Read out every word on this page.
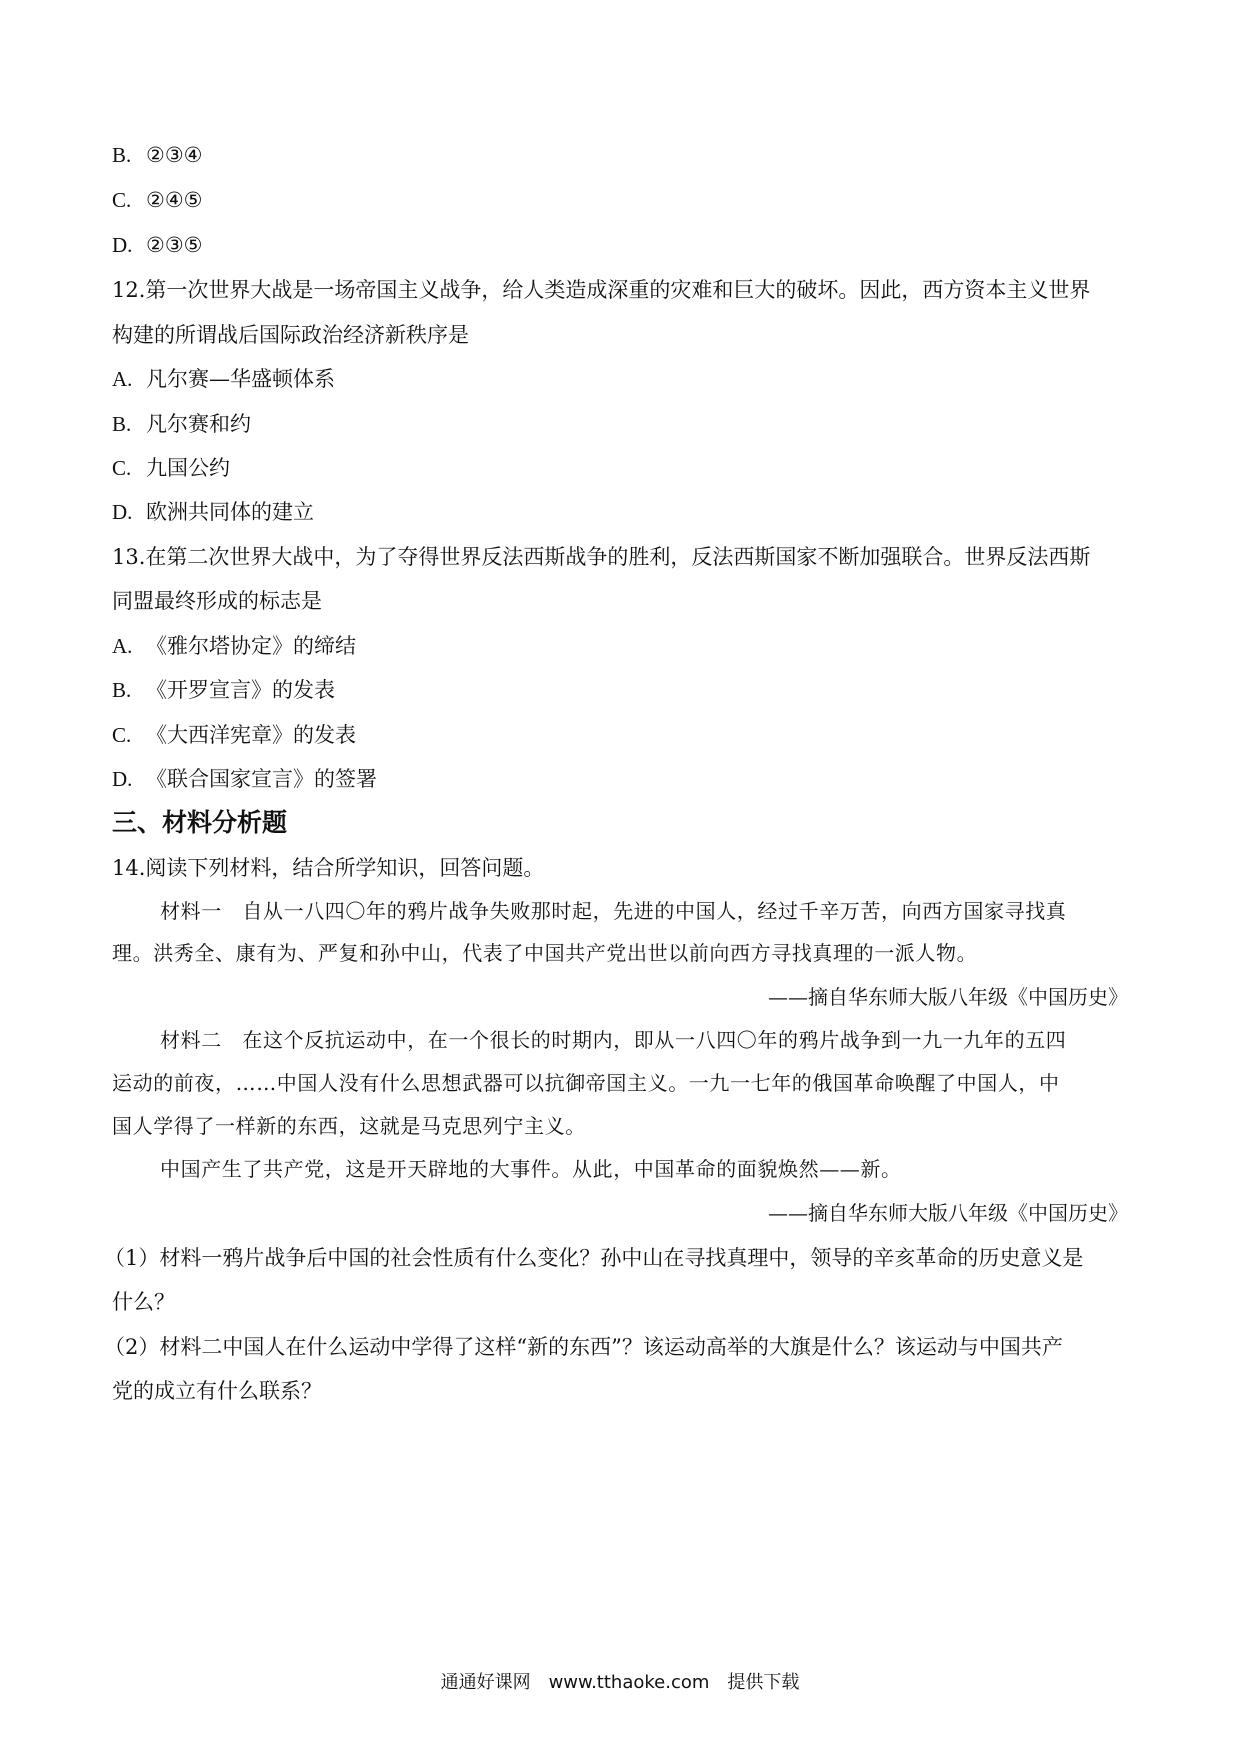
B. ②③④
C. ②④⑤
D. ②③⑤
12.第一次世界大战是一场帝国主义战争，给人类造成深重的灾难和巨大的破坏。因此，西方资本主义世界
构建的所谓战后国际政治经济新秩序是
A. 凡尔赛—华盛顿体系
B. 凡尔赛和约
C. 九国公约
D. 欧洲共同体的建立
13.在第二次世界大战中，为了夺得世界反法西斯战争的胜利，反法西斯国家不断加强联合。世界反法西斯
同盟最终形成的标志是
A. 《雅尔塔协定》的缔结
B. 《开罗宣言》的发表
C. 《大西洋宪章》的发表
D. 《联合国家宣言》的签署
三、材料分析题
14.阅读下列材料，结合所学知识，回答问题。
材料一　自从一八四〇年的鸦片战争失败那时起，先进的中国人，经过千辛万苦，向西方国家寻找真
理。洪秀全、康有为、严复和孙中山，代表了中国共产党出世以前向西方寻找真理的一派人物。
——摘自华东师大版八年级《中国历史》
材料二　在这个反抗运动中，在一个很长的时期内，即从一八四〇年的鸦片战争到一九一九年的五四
运动的前夜，……中国人没有什么思想武器可以抗御帝国主义。一九一七年的俄国革命唤醒了中国人，中
国人学得了一样新的东西，这就是马克思列宁主义。
中国产生了共产党，这是开天辟地的大事件。从此，中国革命的面貌焕然——新。
——摘自华东师大版八年级《中国历史》
（1）材料一鸦片战争后中国的社会性质有什么变化？孙中山在寻找真理中，领导的辛亥革命的历史意义是
什么？
（2）材料二中国人在什么运动中学得了这样“新的东西”？该运动高举的大旗是什么？该运动与中国共产
党的成立有什么联系？
通通好课网　www.tthaoke.com　提供下载
